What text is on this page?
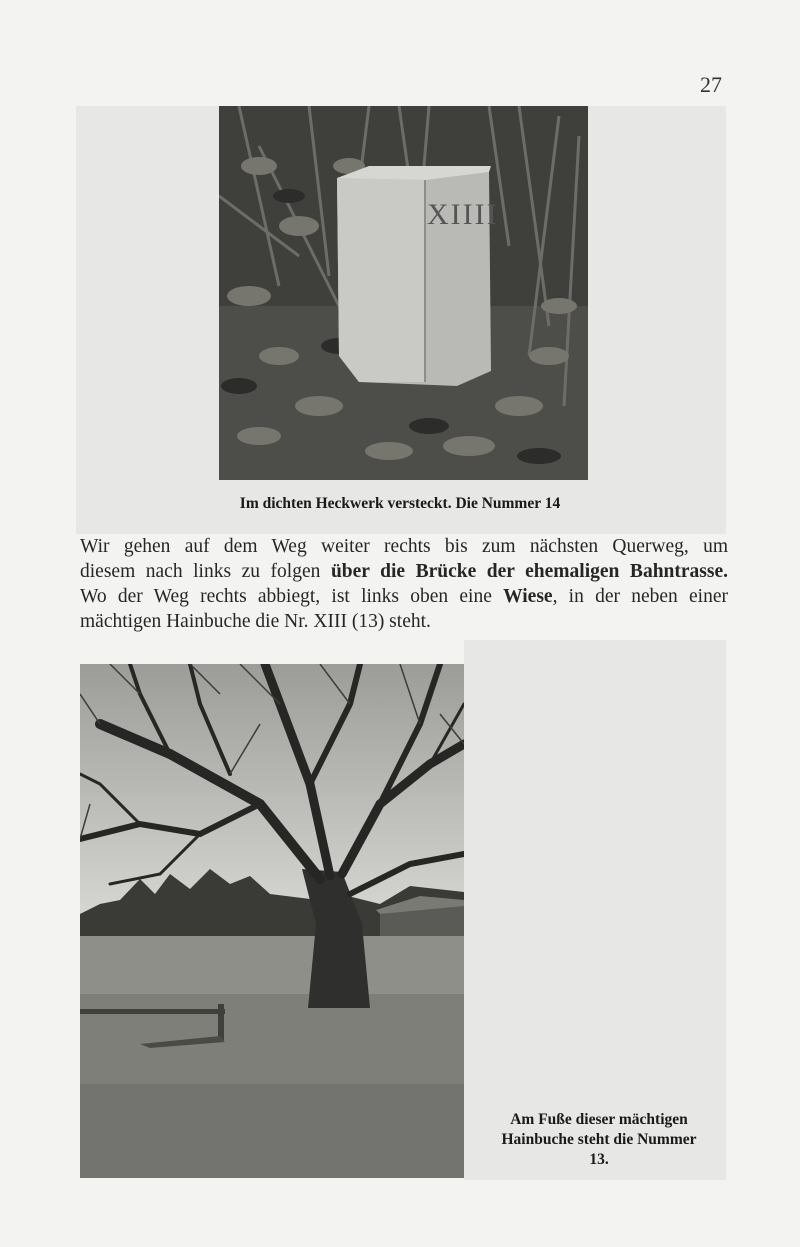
27
XIIII
Im dichten Heckwerk versteckt. Die Nummer 14
Wir gehen auf dem Weg weiter rechts bis zum nächsten Querweg, um
diesem nach links zu folgen über die Brücke der ehemaligen Bahntrasse.
Wo der Weg rechts abbiegt, ist links oben eine Wiese, in der neben einer
mächtigen Hainbuche die Nr. XIII (13) steht.
Am Fuße dieser mächtigen
Hainbuche steht die Nummer
13.
